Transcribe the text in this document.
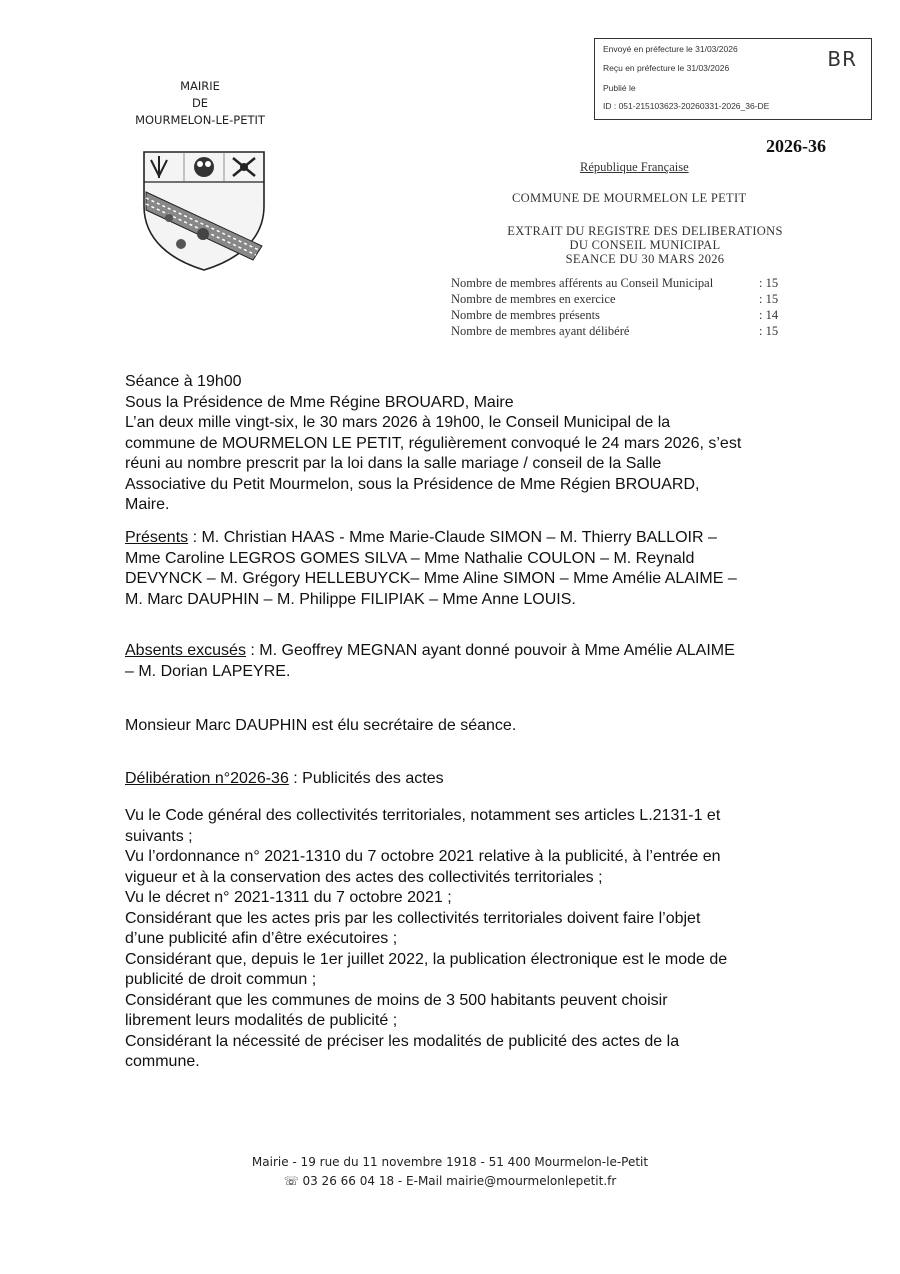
Envoyé en préfecture le 31/03/2026
Reçu en préfecture le 31/03/2026
Publié le
ID : 051-215103623-20260331-2026_36-DE
BR
MAIRIE
DE
MOURMELON-LE-PETIT
2026-36
République Française
COMMUNE DE MOURMELON LE PETIT
EXTRAIT DU REGISTRE DES DELIBERATIONS
DU CONSEIL MUNICIPAL
SEANCE DU 30 MARS 2026
Nombre de membres afférents au Conseil Municipal	: 15
Nombre de membres en exercice	: 15
Nombre de membres présents	: 14
Nombre de membres ayant délibéré	: 15
Séance à 19h00
Sous la Présidence de Mme Régine BROUARD, Maire
L’an deux mille vingt-six, le 30 mars 2026 à 19h00, le Conseil Municipal de la
commune de MOURMELON LE PETIT, régulièrement convoqué le 24 mars 2026, s’est
réuni au nombre prescrit par la loi dans la salle mariage / conseil de la Salle
Associative du Petit Mourmelon, sous la Présidence de Mme Régien BROUARD,
Maire.
Présents : M. Christian HAAS - Mme Marie-Claude SIMON – M. Thierry BALLOIR –
Mme Caroline LEGROS GOMES SILVA – Mme Nathalie COULON – M. Reynald
DEVYNCK – M. Grégory HELLEBUYCK– Mme Aline SIMON – Mme Amélie ALAIME –
M. Marc DAUPHIN – M. Philippe FILIPIAK – Mme Anne LOUIS.
Absents excusés : M. Geoffrey MEGNAN ayant donné pouvoir à Mme Amélie ALAIME
– M. Dorian LAPEYRE.
Monsieur Marc DAUPHIN est élu secrétaire de séance.
Délibération n°2026-36 : Publicités des actes
Vu le Code général des collectivités territoriales, notamment ses articles L.2131-1 et
suivants ;
Vu l’ordonnance n° 2021-1310 du 7 octobre 2021 relative à la publicité, à l’entrée en
vigueur et à la conservation des actes des collectivités territoriales ;
Vu le décret n° 2021-1311 du 7 octobre 2021 ;
Considérant que les actes pris par les collectivités territoriales doivent faire l’objet
d’une publicité afin d’être exécutoires ;
Considérant que, depuis le 1er juillet 2022, la publication électronique est le mode de
publicité de droit commun ;
Considérant que les communes de moins de 3 500 habitants peuvent choisir
librement leurs modalités de publicité ;
Considérant la nécessité de préciser les modalités de publicité des actes de la
commune.
Mairie - 19 rue du 11 novembre 1918 - 51 400 Mourmelon-le-Petit
☏ 03 26 66 04 18 - E-Mail mairie@mourmelonlepetit.fr
